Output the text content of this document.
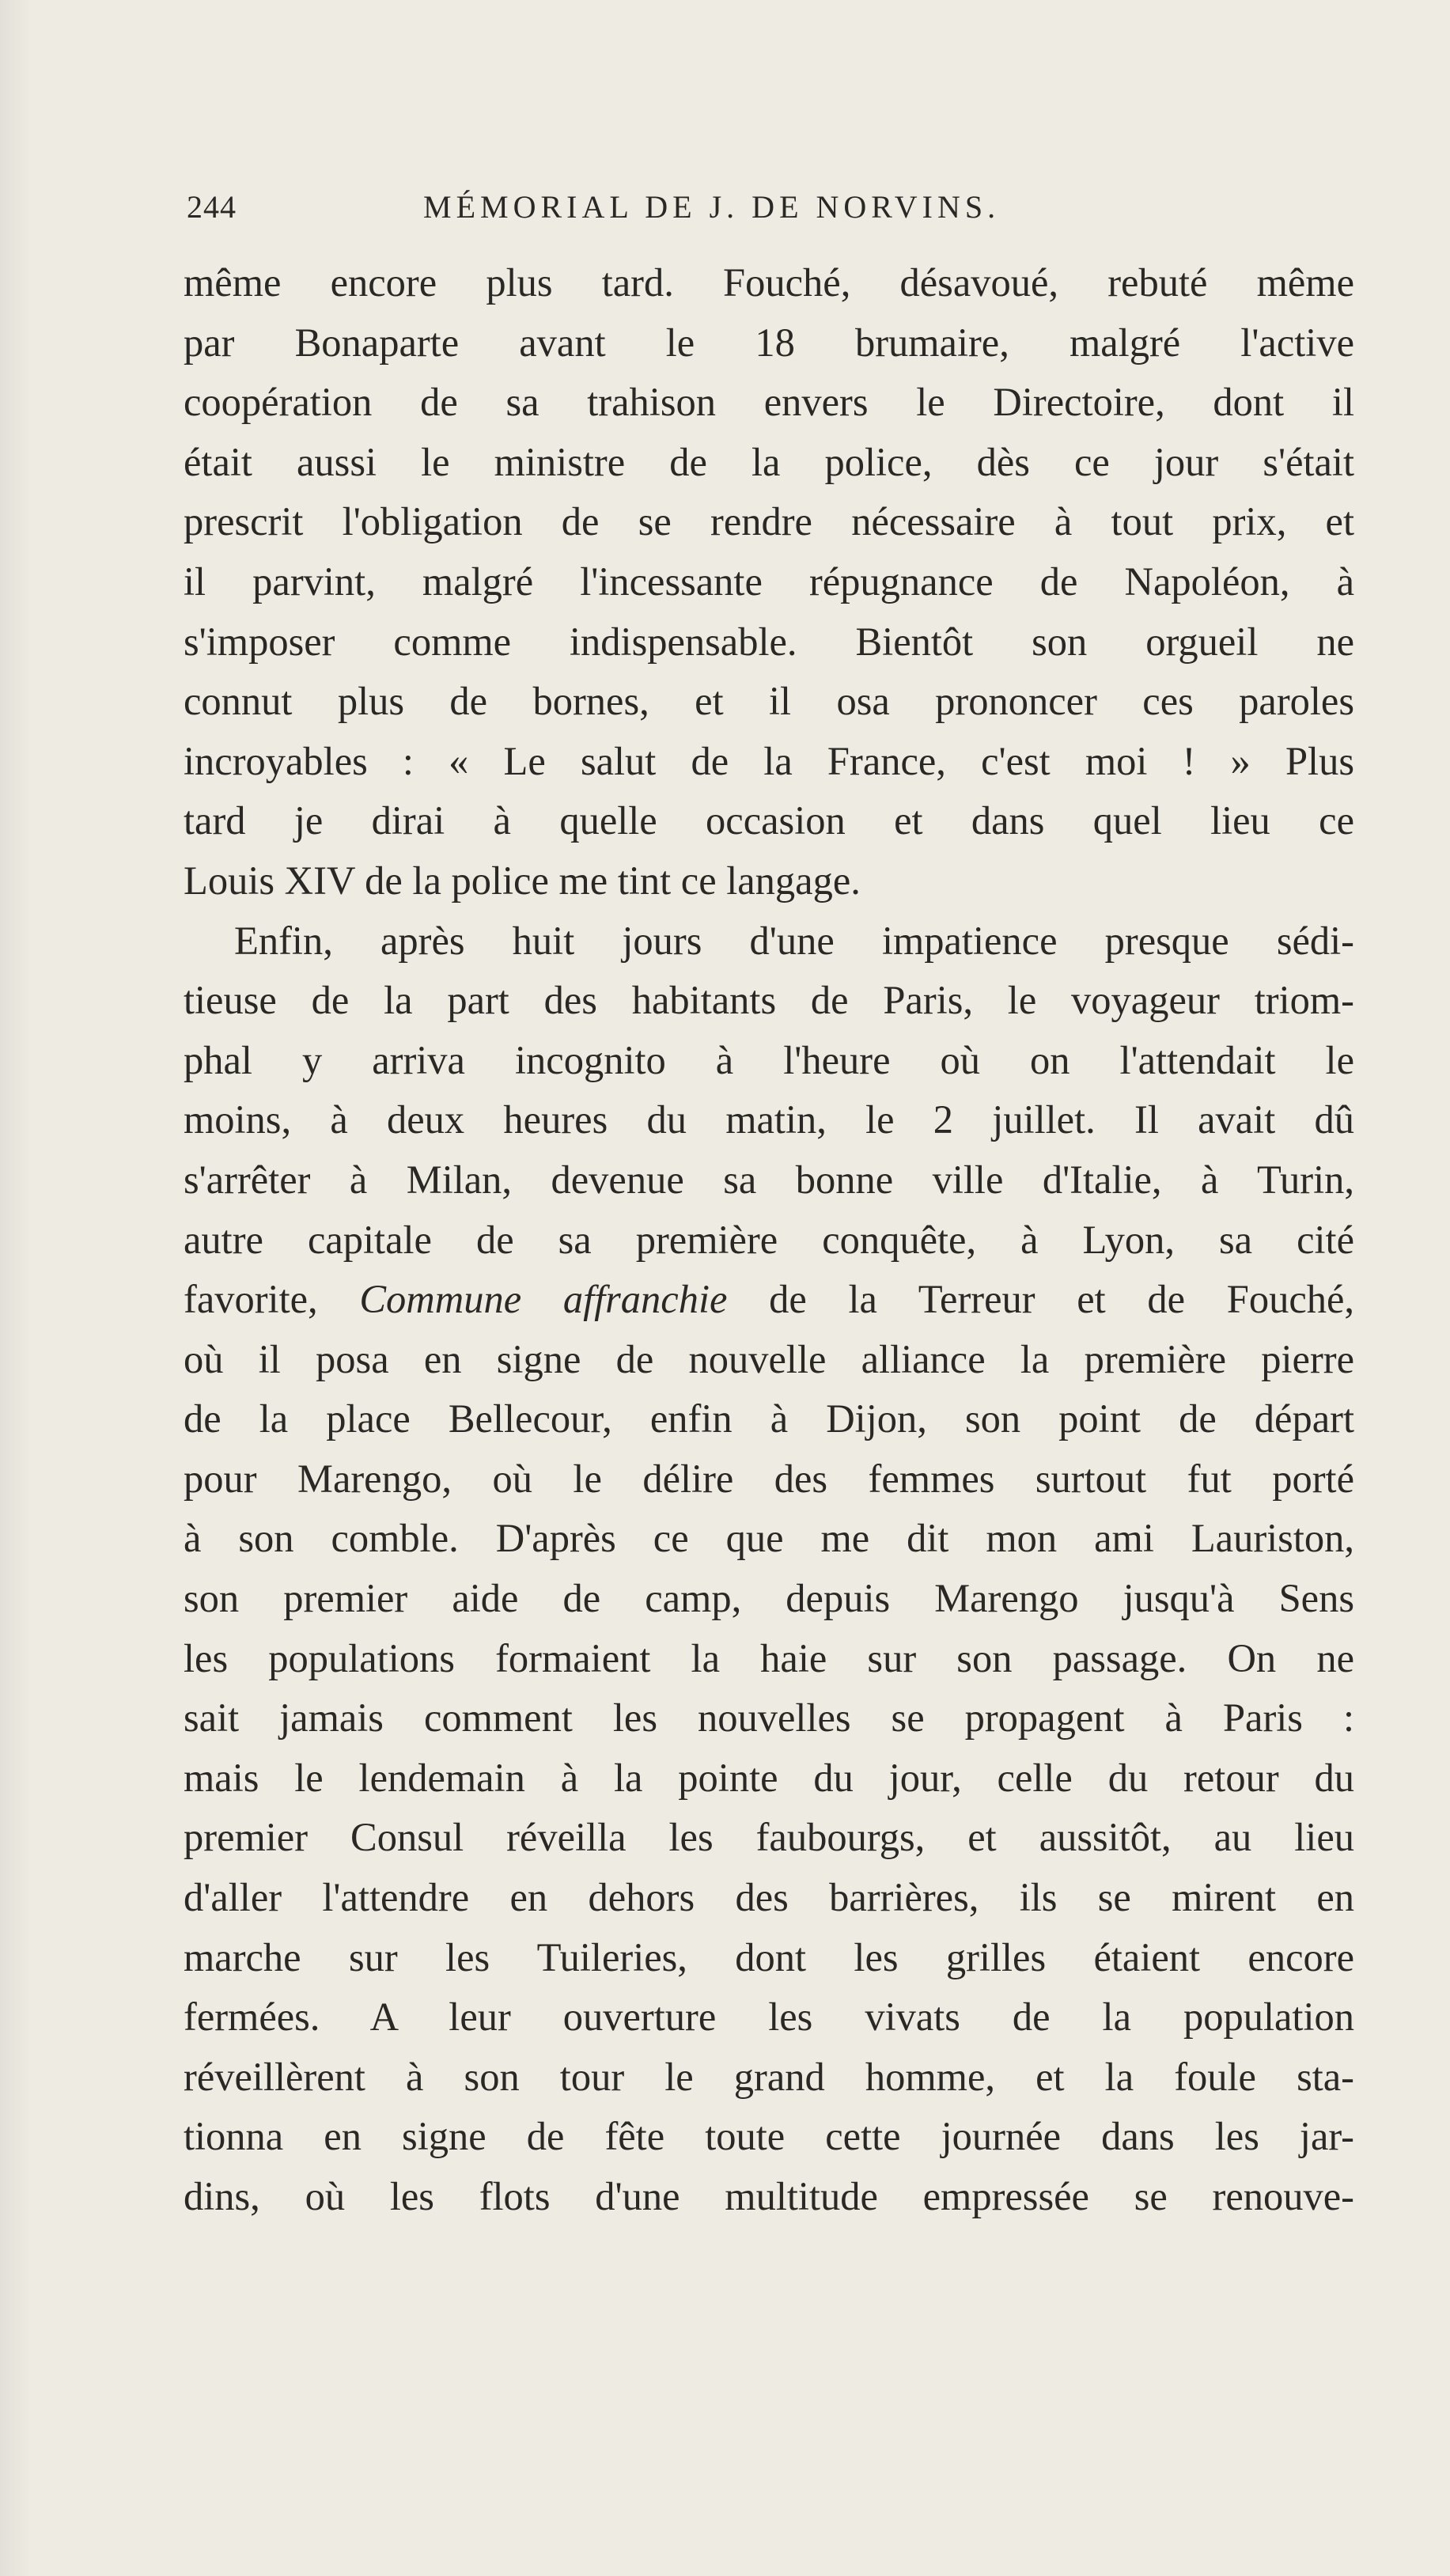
244	MÉMORIAL DE J. DE NORVINS.
même encore plus tard. Fouché, désavoué, rebuté même
par Bonaparte avant le 18 brumaire, malgré l'active
coopération de sa trahison envers le Directoire, dont il
était aussi le ministre de la police, dès ce jour s'était
prescrit l'obligation de se rendre nécessaire à tout prix, et
il parvint, malgré l'incessante répugnance de Napoléon, à
s'imposer comme indispensable. Bientôt son orgueil ne
connut plus de bornes, et il osa prononcer ces paroles
incroyables : « Le salut de la France, c'est moi ! » Plus
tard je dirai à quelle occasion et dans quel lieu ce
Louis XIV de la police me tint ce langage.
Enfin, après huit jours d'une impatience presque sédi-
tieuse de la part des habitants de Paris, le voyageur triom-
phal y arriva incognito à l'heure où on l'attendait le
moins, à deux heures du matin, le 2 juillet. Il avait dû
s'arrêter à Milan, devenue sa bonne ville d'Italie, à Turin,
autre capitale de sa première conquête, à Lyon, sa cité
favorite, Commune affranchie de la Terreur et de Fouché,
où il posa en signe de nouvelle alliance la première pierre
de la place Bellecour, enfin à Dijon, son point de départ
pour Marengo, où le délire des femmes surtout fut porté
à son comble. D'après ce que me dit mon ami Lauriston,
son premier aide de camp, depuis Marengo jusqu'à Sens
les populations formaient la haie sur son passage. On ne
sait jamais comment les nouvelles se propagent à Paris :
mais le lendemain à la pointe du jour, celle du retour du
premier Consul réveilla les faubourgs, et aussitôt, au lieu
d'aller l'attendre en dehors des barrières, ils se mirent en
marche sur les Tuileries, dont les grilles étaient encore
fermées. A leur ouverture les vivats de la population
réveillèrent à son tour le grand homme, et la foule sta-
tionna en signe de fête toute cette journée dans les jar-
dins, où les flots d'une multitude empressée se renouve-
